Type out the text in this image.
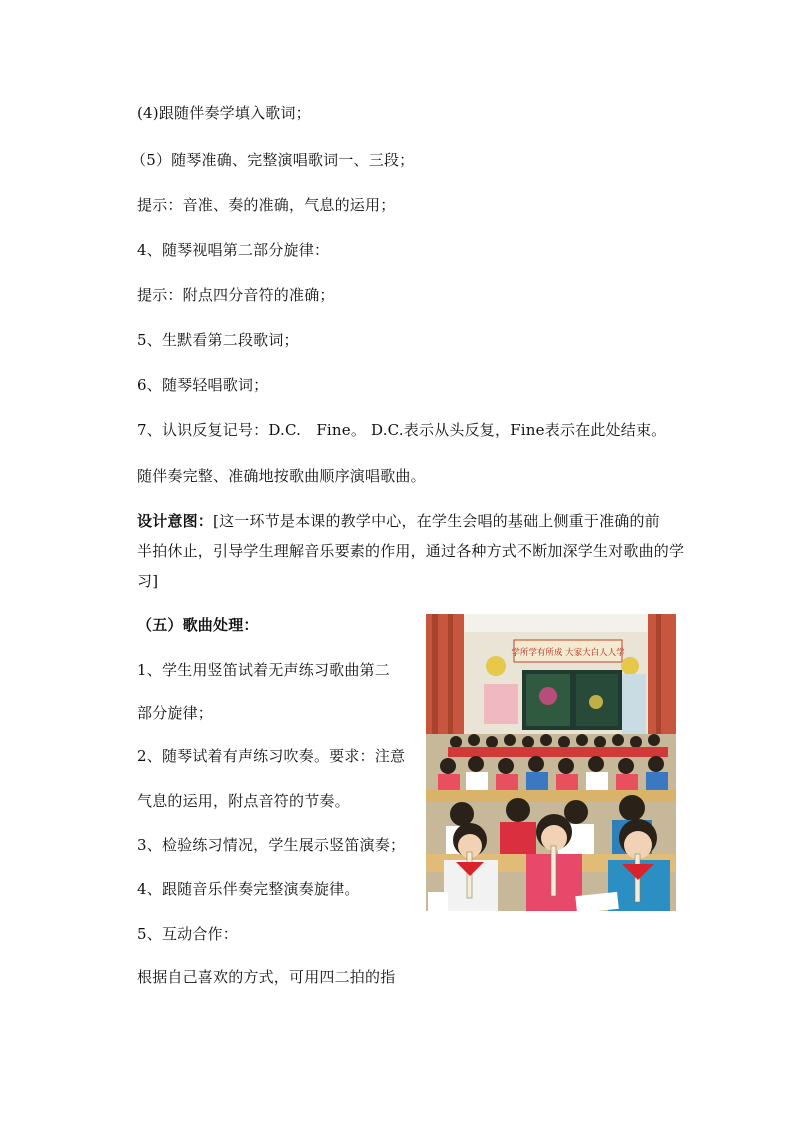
(4)跟随伴奏学填入歌词；
（5）随琴准确、完整演唱歌词一、三段；
提示：音准、奏的准确，气息的运用；
4、随琴视唱第二部分旋律：
提示：附点四分音符的准确；
5、生默看第二段歌词；
6、随琴轻唱歌词；
7、认识反复记号：D.C.　Fine。 D.C.表示从头反复，Fine表示在此处结束。
随伴奏完整、准确地按歌曲顺序演唱歌曲。
设计意图：[这一环节是本课的教学中心，在学生会唱的基础上侧重于准确的前
半拍休止，引导学生理解音乐要素的作用，通过各种方式不断加深学生对歌曲的学
习]
（五）歌曲处理：
1、学生用竖笛试着无声练习歌曲第二
部分旋律；
2、随琴试着有声练习吹奏。要求：注意
气息的运用，附点音符的节奏。
3、检验练习情况，学生展示竖笛演奏；
4、跟随音乐伴奏完整演奏旋律。
5、互动合作：
根据自己喜欢的方式，可用四二拍的指
学所学有所成 大家大白人人学
